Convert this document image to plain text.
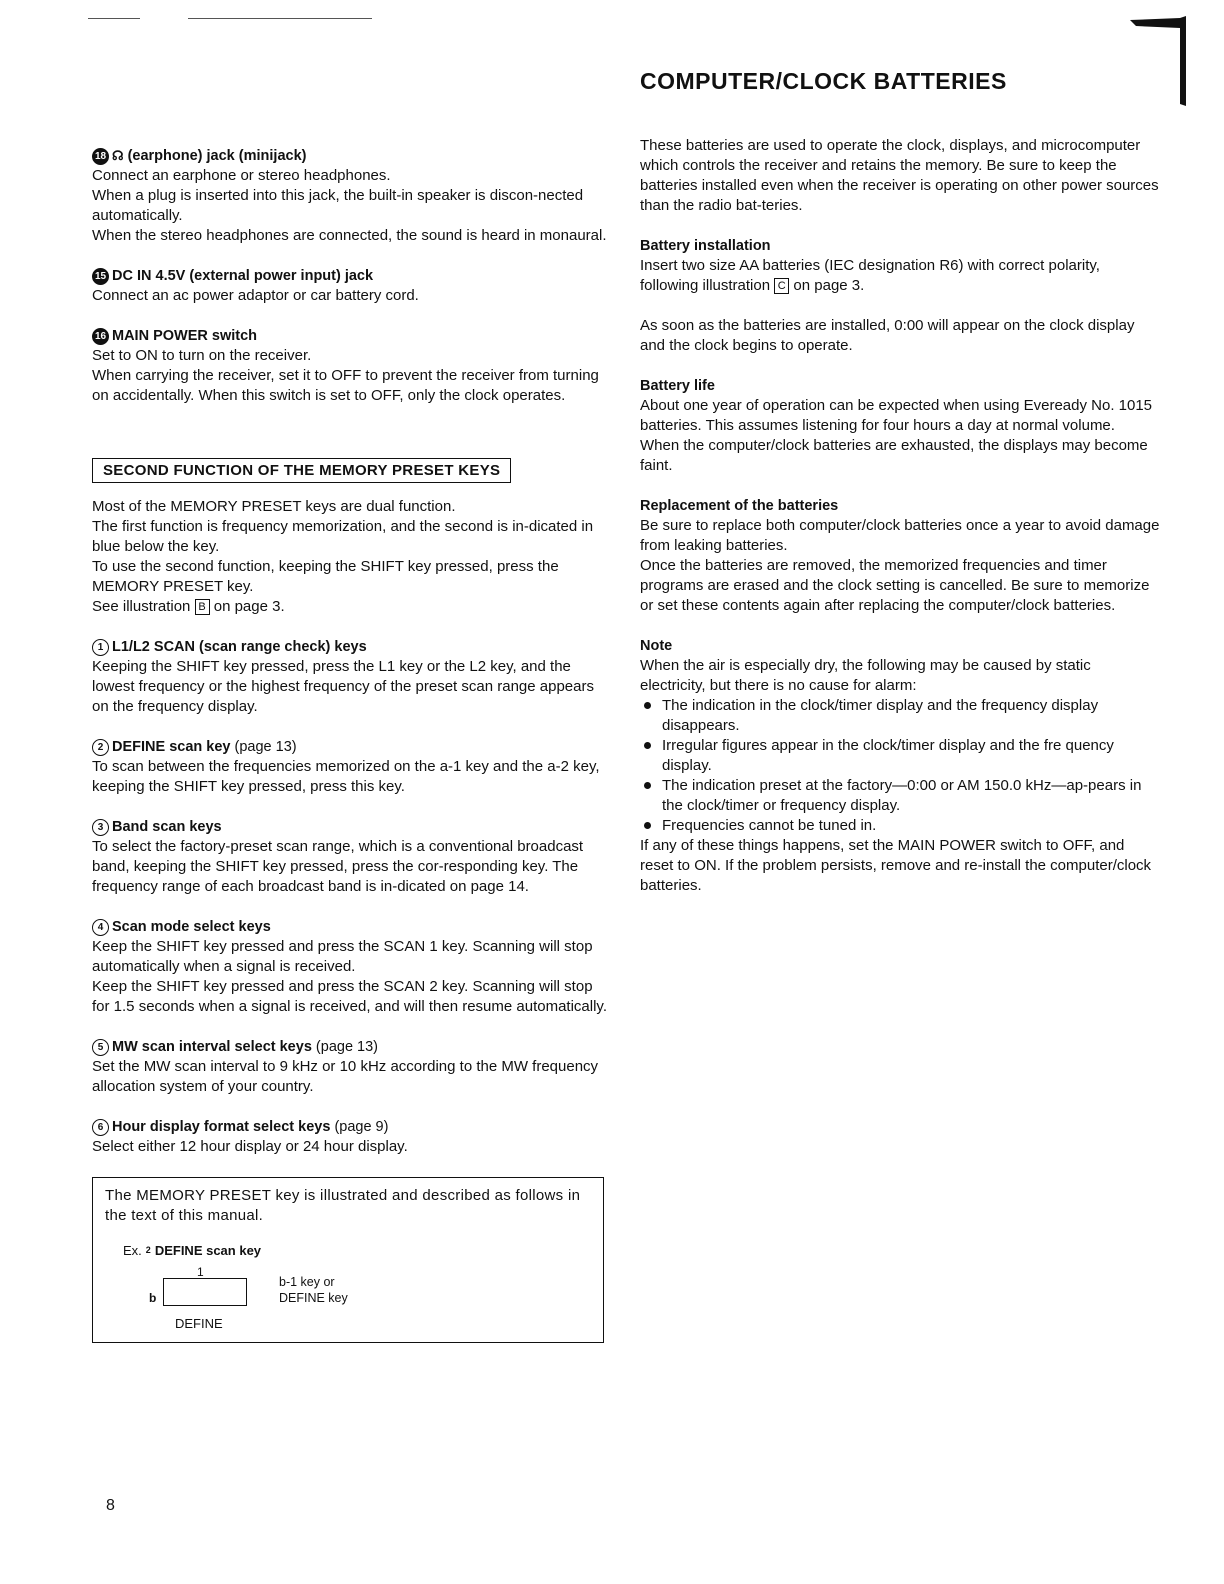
COMPUTER/CLOCK BATTERIES

18 ☊ (earphone) jack (minijack)

Connect an earphone or stereo headphones.

When a plug is inserted into this jack, the built-in speaker is discon-nected automatically.

When the stereo headphones are connected, the sound is heard in monaural.

15 DC IN 4.5V (external power input) jack

Connect an ac power adaptor or car battery cord.

16 MAIN POWER switch

Set to ON to turn on the receiver.

When carrying the receiver, set it to OFF to prevent the receiver from turning on accidentally. When this switch is set to OFF, only the clock operates.

SECOND FUNCTION OF THE MEMORY PRESET KEYS

Most of the MEMORY PRESET keys are dual function.

The first function is frequency memorization, and the second is in-dicated in blue below the key.

To use the second function, keeping the SHIFT key pressed, press the MEMORY PRESET key.

See illustration B on page 3.

1 L1/L2 SCAN (scan range check) keys

Keeping the SHIFT key pressed, press the L1 key or the L2 key, and the lowest frequency or the highest frequency of the preset scan range appears on the frequency display.

2 DEFINE scan key (page 13)

To scan between the frequencies memorized on the a-1 key and the a-2 key, keeping the SHIFT key pressed, press this key.

3 Band scan keys

To select the factory-preset scan range, which is a conventional broadcast band, keeping the SHIFT key pressed, press the cor-responding key. The frequency range of each broadcast band is in-dicated on page 14.

4 Scan mode select keys

Keep the SHIFT key pressed and press the SCAN 1 key. Scanning will stop automatically when a signal is received.

Keep the SHIFT key pressed and press the SCAN 2 key. Scanning will stop for 1.5 seconds when a signal is received, and will then resume automatically.

5 MW scan interval select keys (page 13)

Set the MW scan interval to 9 kHz or 10 kHz according to the MW frequency allocation system of your country.

6 Hour display format select keys (page 9)

Select either 12 hour display or 24 hour display.

The MEMORY PRESET key is illustrated and described as follows in the text of this manual.

Ex. 2 DEFINE scan key
1
b
DEFINE
b-1 key or
DEFINE key

These batteries are used to operate the clock, displays, and microcomputer which controls the receiver and retains the memory. Be sure to keep the batteries installed even when the receiver is operating on other power sources than the radio bat-teries.

Battery installation

Insert two size AA batteries (IEC designation R6) with correct polarity, following illustration C on page 3.

As soon as the batteries are installed, 0:00 will appear on the clock display and the clock begins to operate.

Battery life

About one year of operation can be expected when using Eveready No. 1015 batteries. This assumes listening for four hours a day at normal volume.

When the computer/clock batteries are exhausted, the displays may become faint.

Replacement of the batteries

Be sure to replace both computer/clock batteries once a year to avoid damage from leaking batteries.

Once the batteries are removed, the memorized frequencies and timer programs are erased and the clock setting is cancelled. Be sure to memorize or set these contents again after replacing the computer/clock batteries.

Note

When the air is especially dry, the following may be caused by static electricity, but there is no cause for alarm:

The indication in the clock/timer display and the frequency display disappears.
Irregular figures appear in the clock/timer display and the fre quency display.
The indication preset at the factory—0:00 or AM 150.0 kHz—ap-pears in the clock/timer or frequency display.
Frequencies cannot be tuned in.

If any of these things happens, set the MAIN POWER switch to OFF, and reset to ON. If the problem persists, remove and re-install the computer/clock batteries.

8
